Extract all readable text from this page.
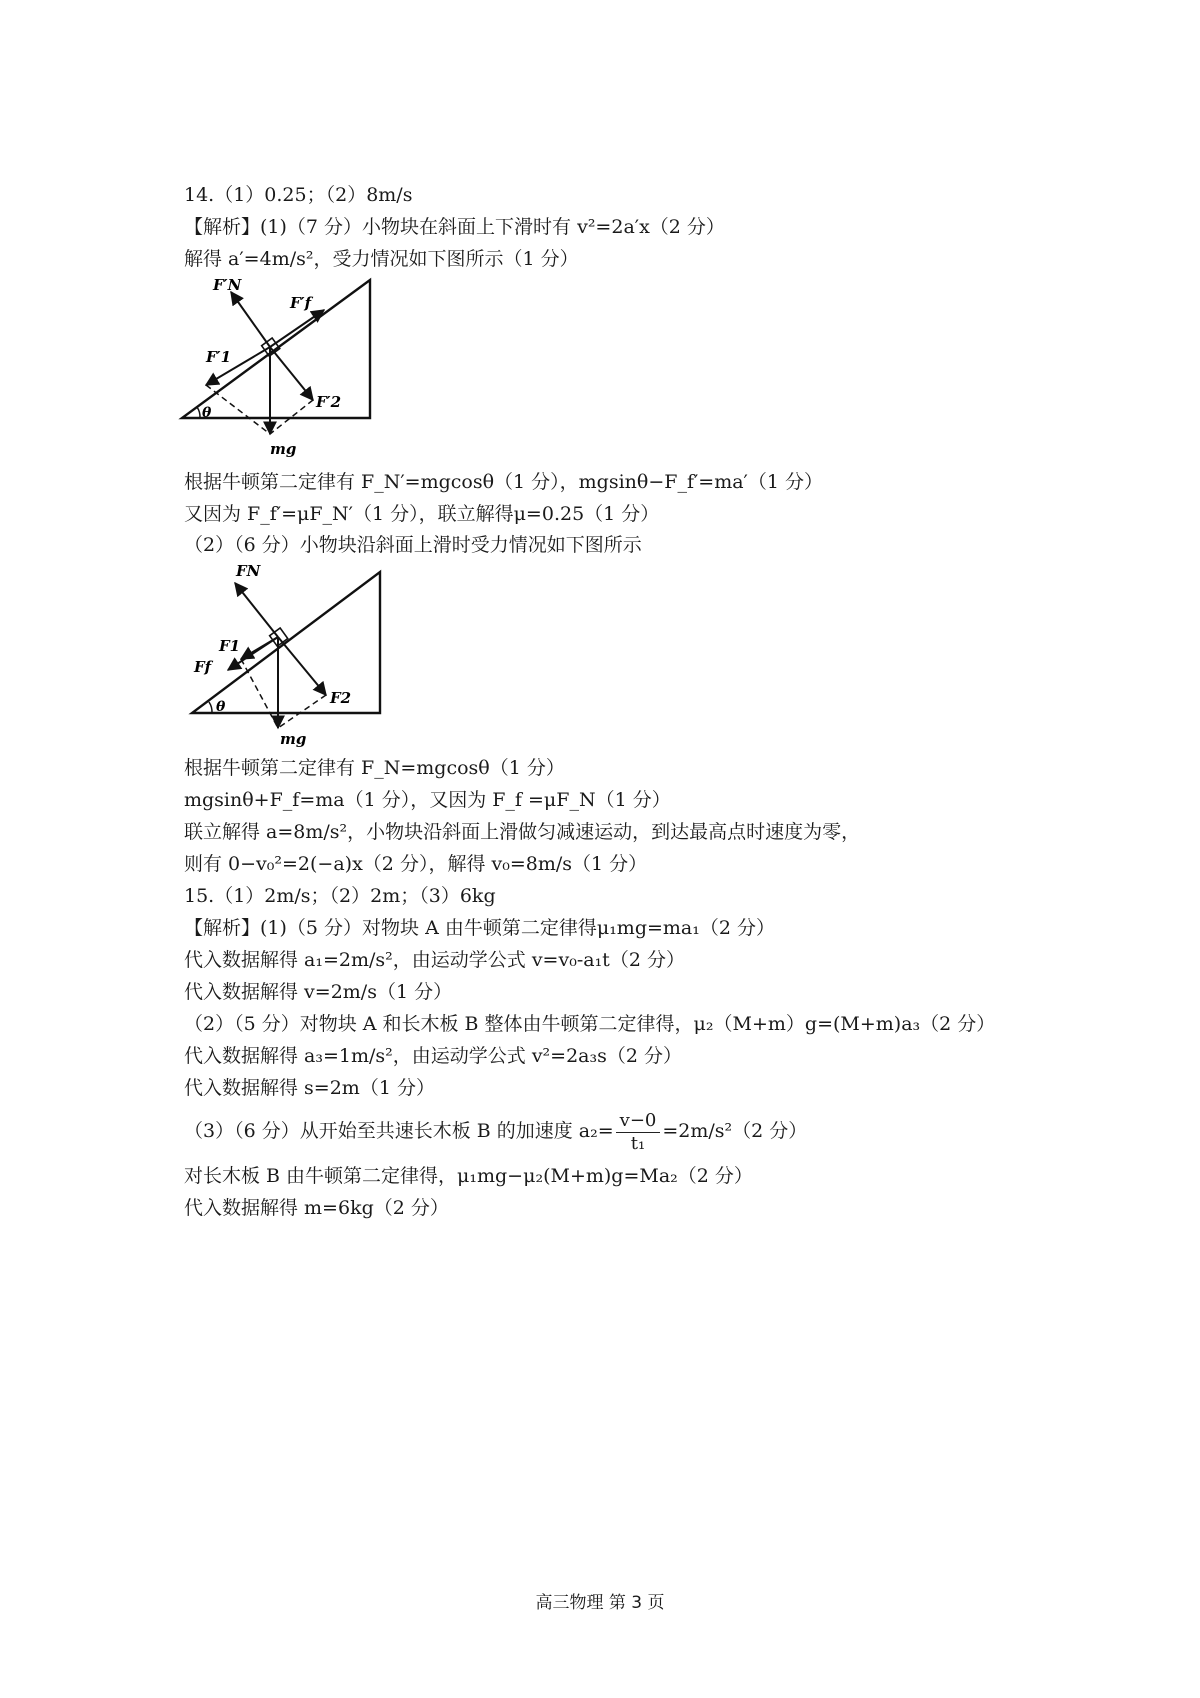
14.（1）0.25；（2）8m/s
【解析】(1)（7 分）小物块在斜面上下滑时有 v²=2a′x（2 分）
解得 a′=4m/s²，受力情况如下图所示（1 分）
F′N
F′f
F′1
F′2
θ
mg
根据牛顿第二定律有 F_N′=mgcosθ（1 分），mgsinθ−F_f′=ma′（1 分）
又因为 F_f′=μF_N′（1 分），联立解得μ=0.25（1 分）
（2）（6 分）小物块沿斜面上滑时受力情况如下图所示
FN
F1
Ff
F2
θ
mg
根据牛顿第二定律有 F_N=mgcosθ（1 分）
mgsinθ+F_f=ma（1 分），又因为 F_f =μF_N（1 分）
联立解得 a=8m/s²，小物块沿斜面上滑做匀减速运动，到达最高点时速度为零，
则有 0−v₀²=2(−a)x（2 分），解得 v₀=8m/s（1 分）
15.（1）2m/s；（2）2m；（3）6kg
【解析】(1)（5 分）对物块 A 由牛顿第二定律得μ₁mg=ma₁（2 分）
代入数据解得 a₁=2m/s²，由运动学公式 v=v₀-a₁t（2 分）
代入数据解得 v=2m/s（1 分）
（2）（5 分）对物块 A 和长木板 B 整体由牛顿第二定律得，μ₂（M+m）g=(M+m)a₃（2 分）
代入数据解得 a₃=1m/s²，由运动学公式 v²=2a₃s（2 分）
代入数据解得 s=2m（1 分）
（3）（6 分）从开始至共速长木板 B 的加速度 $a_2= \frac{v-0}{\text{t₁}} =2m/s^2(2$ 分）
对长木板 B 由牛顿第二定律得，μ₁mg−μ₂(M+m)g=Ma₂（2 分）
代入数据解得 m=6kg（2 分）
高三物理 第 3 页
